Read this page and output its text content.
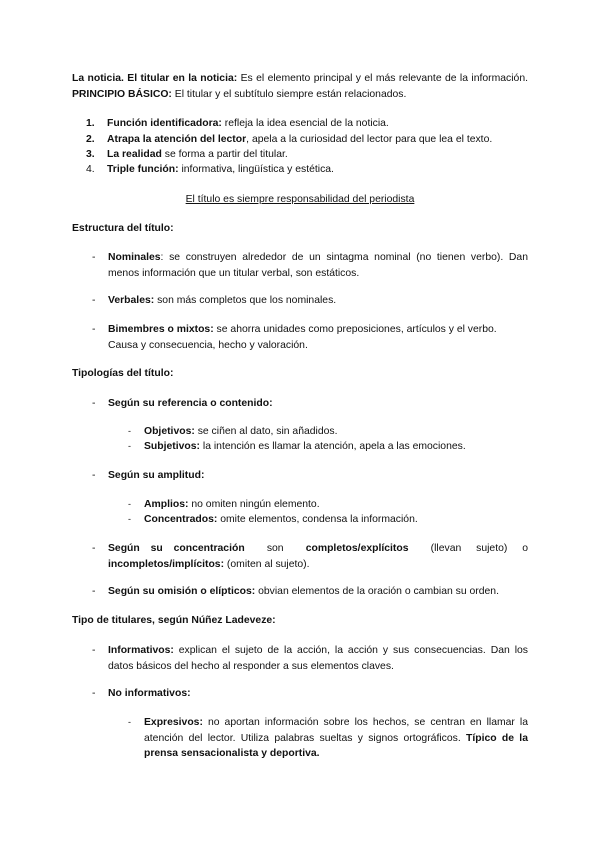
La noticia. El titular en la noticia: Es el elemento principal y el más relevante de la información. PRINCIPIO BÁSICO: El titular y el subtítulo siempre están relacionados.
1.	Función identificadora: refleja la idea esencial de la noticia.
2.	Atrapa la atención del lector, apela a la curiosidad del lector para que lea el texto.
3.	La realidad se forma a partir del titular.
4.	Triple función: informativa, lingüística y estética.
El título es siempre responsabilidad del periodista
Estructura del título:
-	Nominales: se construyen alrededor de un sintagma nominal (no tienen verbo). Dan menos información que un titular verbal, son estáticos.
-	Verbales: son más completos que los nominales.
-	Bimembres o mixtos: se ahorra unidades como preposiciones, artículos y el verbo. Causa y consecuencia, hecho y valoración.
Tipologías del título:
-	Según su referencia o contenido:
-	Objetivos: se ciñen al dato, sin añadidos.
-	Subjetivos: la intención es llamar la atención, apela a las emociones.
-	Según su amplitud:
-	Amplios: no omiten ningún elemento.
-	Concentrados: omite elementos, condensa la información.
-	Según su concentración son completos/explícitos (llevan sujeto) o
incompletos/implícitos: (omiten al sujeto).
-	Según su omisión o elípticos: obvian elementos de la oración o cambian su orden.
Tipo de titulares, según Núñez Ladeveze:
-	Informativos: explican el sujeto de la acción, la acción y sus consecuencias. Dan los datos básicos del hecho al responder a sus elementos claves.
-	No informativos:
-	Expresivos: no aportan información sobre los hechos, se centran en llamar la atención del lector. Utiliza palabras sueltas y signos ortográficos. Típico de la prensa sensacionalista y deportiva.
